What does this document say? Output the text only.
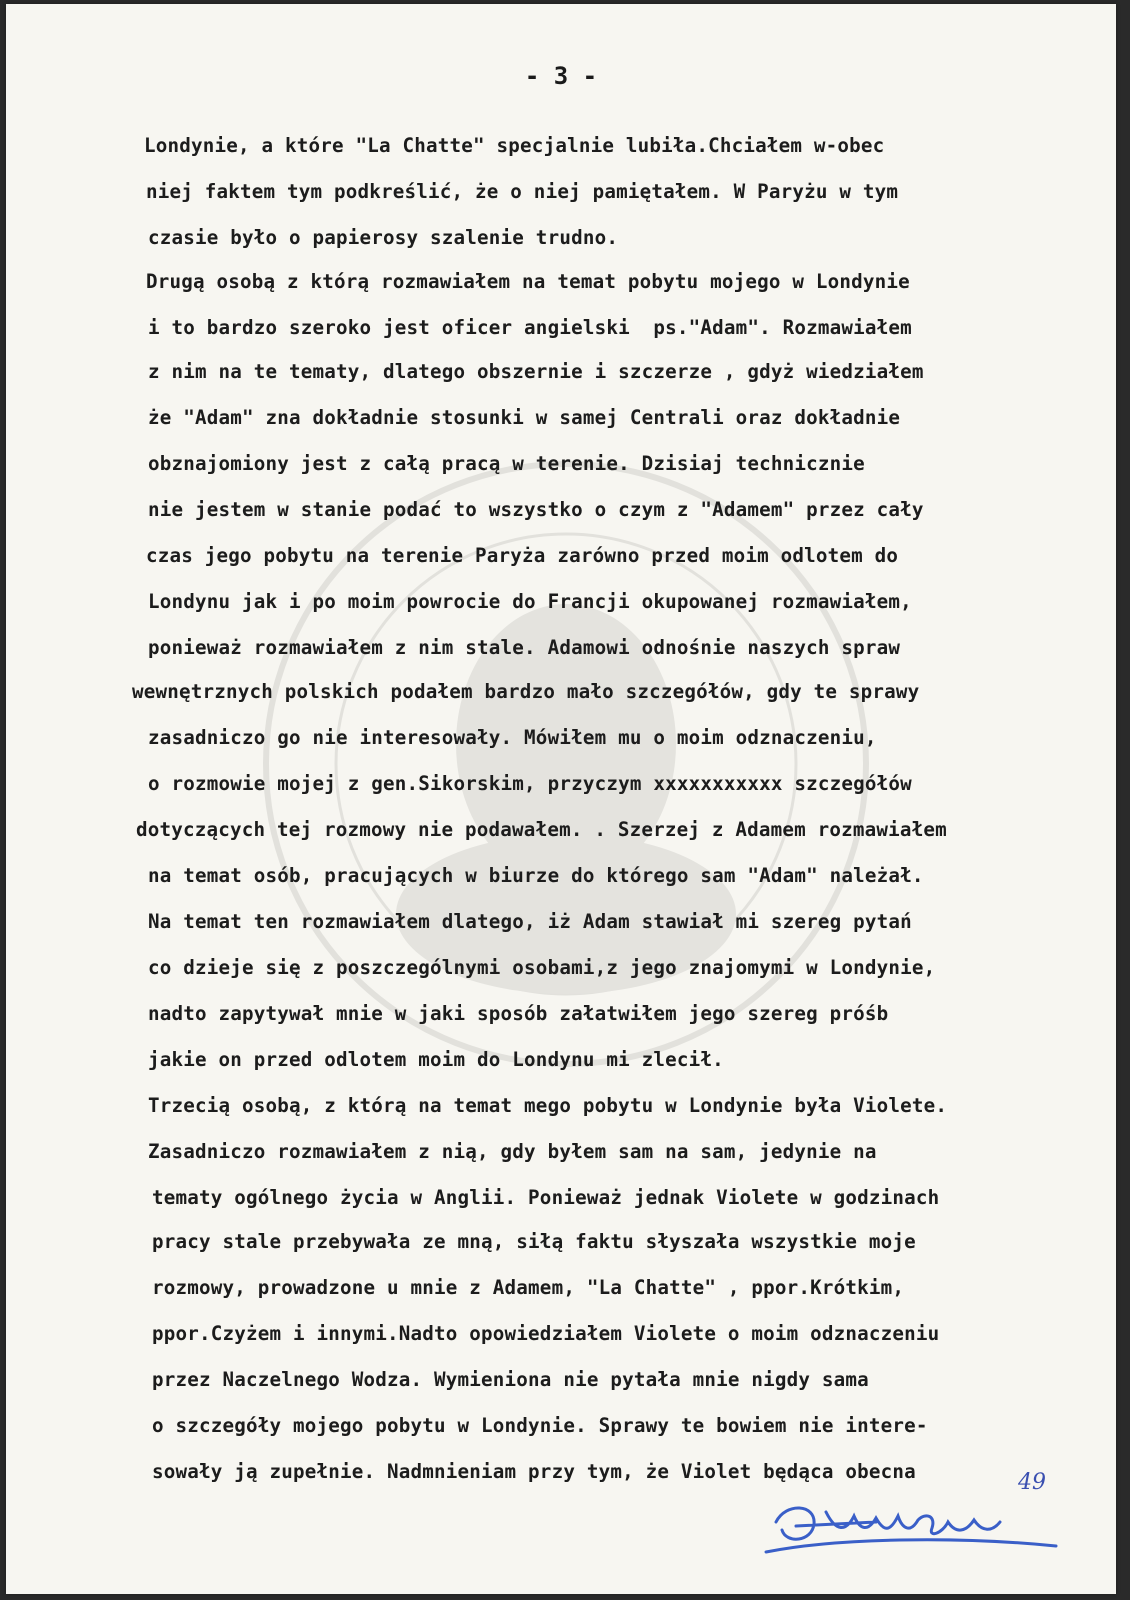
- 3 -
Londynie, a które "La Chatte" specjalnie lubiła.Chciałem w-obec
niej faktem tym podkreślić, że o niej pamiętałem. W Paryżu w tym
czasie było o papierosy szalenie trudno.
Drugą osobą z którą rozmawiałem na temat pobytu mojego w Londynie
i to bardzo szeroko jest oficer angielski  ps."Adam". Rozmawiałem
z nim na te tematy, dlatego obszernie i szczerze , gdyż wiedziałem
że "Adam" zna dokładnie stosunki w samej Centrali oraz dokładnie
obznajomiony jest z całą pracą w terenie. Dzisiaj technicznie
nie jestem w stanie podać to wszystko o czym z "Adamem" przez cały
czas jego pobytu na terenie Paryża zarówno przed moim odlotem do
Londynu jak i po moim powrocie do Francji okupowanej rozmawiałem,
ponieważ rozmawiałem z nim stale. Adamowi odnośnie naszych spraw
wewnętrznych polskich podałem bardzo mało szczegółów, gdy te sprawy
zasadniczo go nie interesowały. Mówiłem mu o moim odznaczeniu,
o rozmowie mojej z gen.Sikorskim, przyczym xxxxxxxxxxx szczegółów
dotyczących tej rozmowy nie podawałem. . Szerzej z Adamem rozmawiałem
na temat osób, pracujących w biurze do którego sam "Adam" należał.
Na temat ten rozmawiałem dlatego, iż Adam stawiał mi szereg pytań
co dzieje się z poszczególnymi osobami,z jego znajomymi w Londynie,
nadto zapytywał mnie w jaki sposób załatwiłem jego szereg próśb
jakie on przed odlotem moim do Londynu mi zlecił.
Trzecią osobą, z którą na temat mego pobytu w Londynie była Violete.
Zasadniczo rozmawiałem z nią, gdy byłem sam na sam, jedynie na
tematy ogólnego życia w Anglii. Ponieważ jednak Violete w godzinach
pracy stale przebywała ze mną, siłą faktu słyszała wszystkie moje
rozmowy, prowadzone u mnie z Adamem, "La Chatte" , ppor.Krótkim,
ppor.Czyżem i innymi.Nadto opowiedziałem Violete o moim odznaczeniu
przez Naczelnego Wodza. Wymieniona nie pytała mnie nigdy sama
o szczegóły mojego pobytu w Londynie. Sprawy te bowiem nie intere-
sowały ją zupełnie. Nadmnieniam przy tym, że Violet będąca obecna	49
